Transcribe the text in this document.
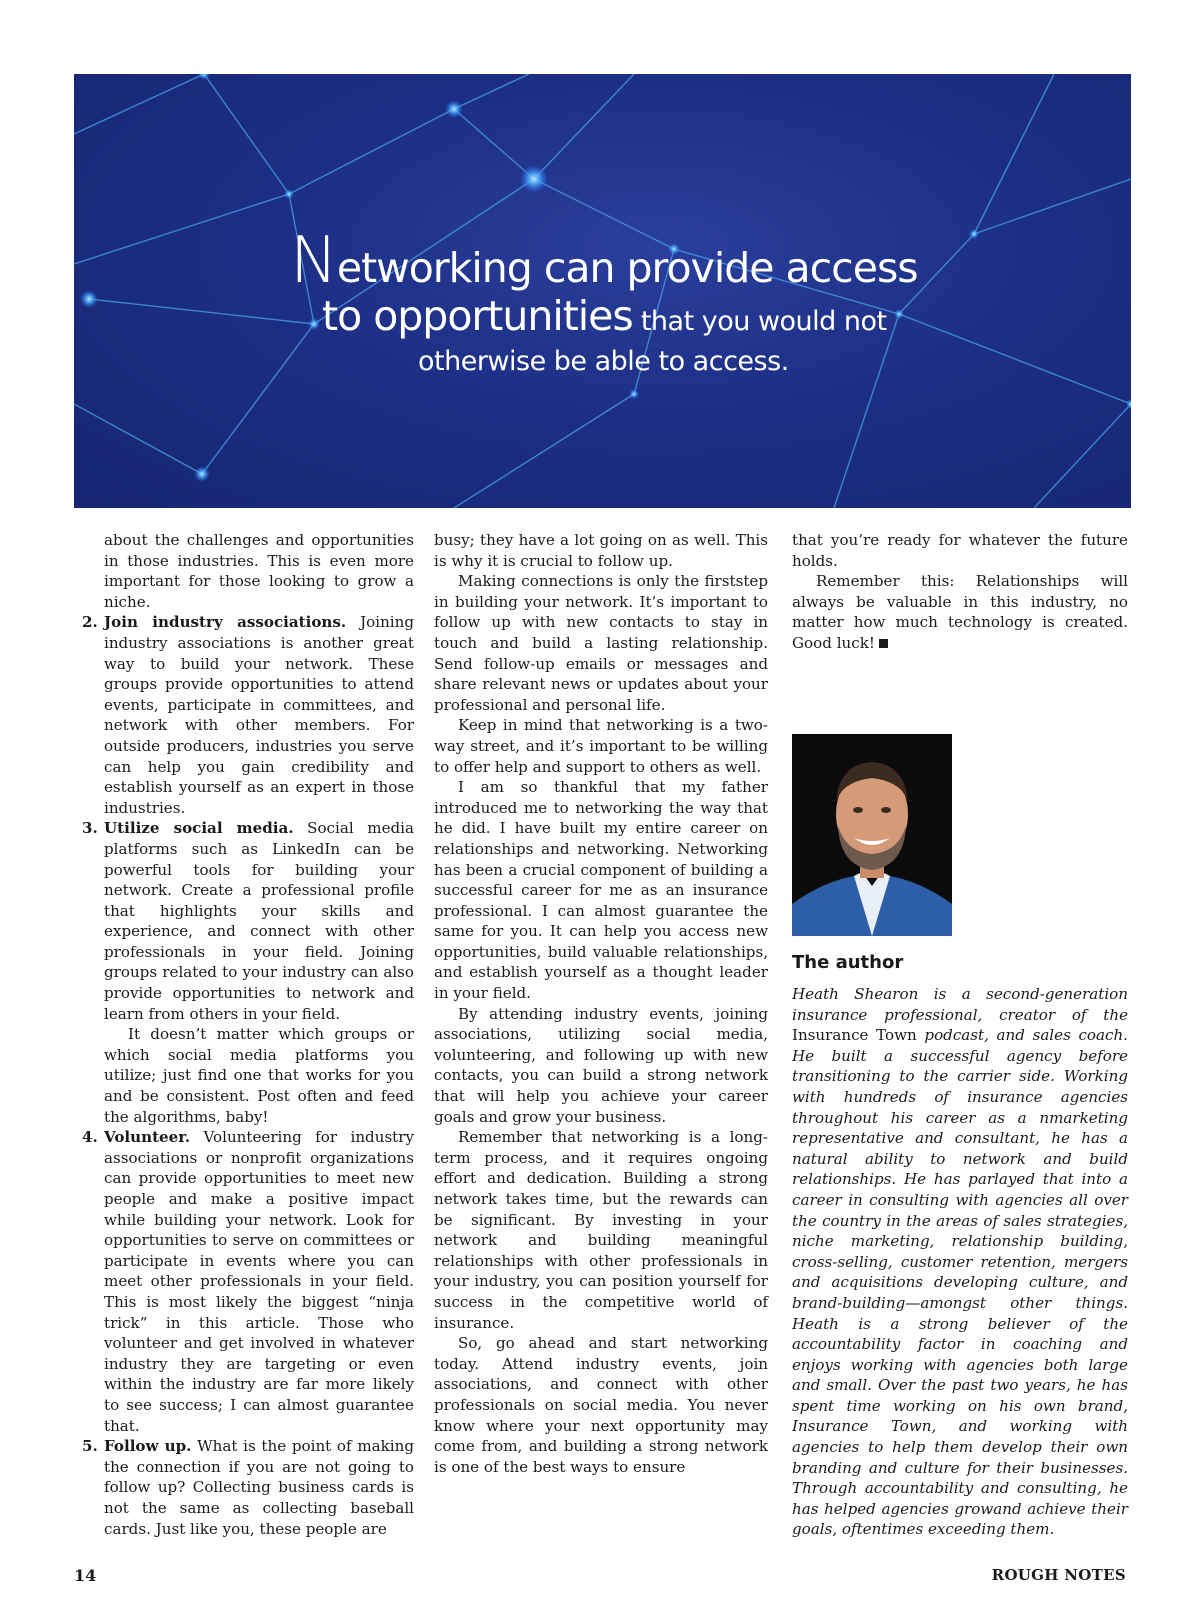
Networking can provide access
to opportunities that you would not
otherwise be able to access.

about the challenges and opportunities in those industries. This is even more important for those looking to grow a niche.

2. Join industry associations. Joining industry associations is another great way to build your network. These groups provide opportunities to attend events, participate in committees, and network with other members. For outside producers, industries you serve can help you gain credibility and establish yourself as an expert in those industries.
3. Utilize social media. Social media platforms such as LinkedIn can be powerful tools for building your network. Create a professional profile that highlights your skills and experience, and connect with other professionals in your field. Joining groups related to your industry can also provide opportunities to network and learn from others in your field.

It doesn’t matter which groups or which social media platforms you utilize; just find one that works for you and be consistent. Post often and feed the algorithms, baby!

4. Volunteer. Volunteering for industry associations or nonprofit organizations can provide opportunities to meet new people and make a positive impact while building your network. Look for opportunities to serve on committees or participate in events where you can meet other professionals in your field. This is most likely the biggest “ninja trick” in this article. Those who volunteer and get involved in whatever industry they are targeting or even within the industry are far more likely to see success; I can almost guarantee that.
5. Follow up. What is the point of making the connection if you are not going to follow up? Collecting business cards is not the same as collecting baseball cards. Just like you, these people are

busy; they have a lot going on as well. This is why it is crucial to follow up.

Making connections is only the firststep in building your network. It’s important to follow up with new contacts to stay in touch and build a lasting relationship. Send follow-up emails or messages and share relevant news or updates about your professional and personal life.

Keep in mind that networking is a two-way street, and it’s important to be willing to offer help and support to others as well.

I am so thankful that my father introduced me to networking the way that he did. I have built my entire career on relationships and networking. Networking has been a crucial component of building a successful career for me as an insurance professional. I can almost guarantee the same for you. It can help you access new opportunities, build valuable relationships, and establish yourself as a thought leader in your field.

By attending industry events, joining associations, utilizing social media, volunteering, and following up with new contacts, you can build a strong network that will help you achieve your career goals and grow your business.

Remember that networking is a long-term process, and it requires ongoing effort and dedication. Building a strong network takes time, but the rewards can be significant. By investing in your network and building meaningful relationships with other professionals in your industry, you can position yourself for success in the competitive world of insurance.

So, go ahead and start networking today. Attend industry events, join associations, and connect with other professionals on social media. You never know where your next opportunity may come from, and building a strong network is one of the best ways to ensure

that you’re ready for whatever the future holds.

Remember this: Relationships will always be valuable in this industry, no matter how much technology is created. Good luck!

The author

Heath Shearon is a second-generation insurance professional, creator of the Insurance Town podcast, and sales coach. He built a successful agency before transitioning to the carrier side. Working with hundreds of insurance agencies throughout his career as a nmarketing representative and consultant, he has a natural ability to network and build relationships. He has parlayed that into a career in consulting with agencies all over the country in the areas of sales strategies, niche marketing, relationship building, cross-selling, customer retention, mergers and acquisitions developing culture, and brand-building—amongst other things. Heath is a strong believer of the accountability factor in coaching and enjoys working with agencies both large and small. Over the past two years, he has spent time working on his own brand, Insurance Town, and working with agencies to help them develop their own branding and culture for their businesses. Through accountability and consulting, he has helped agencies growand achieve their goals, oftentimes exceeding them.

14	ROUGH NOTES
